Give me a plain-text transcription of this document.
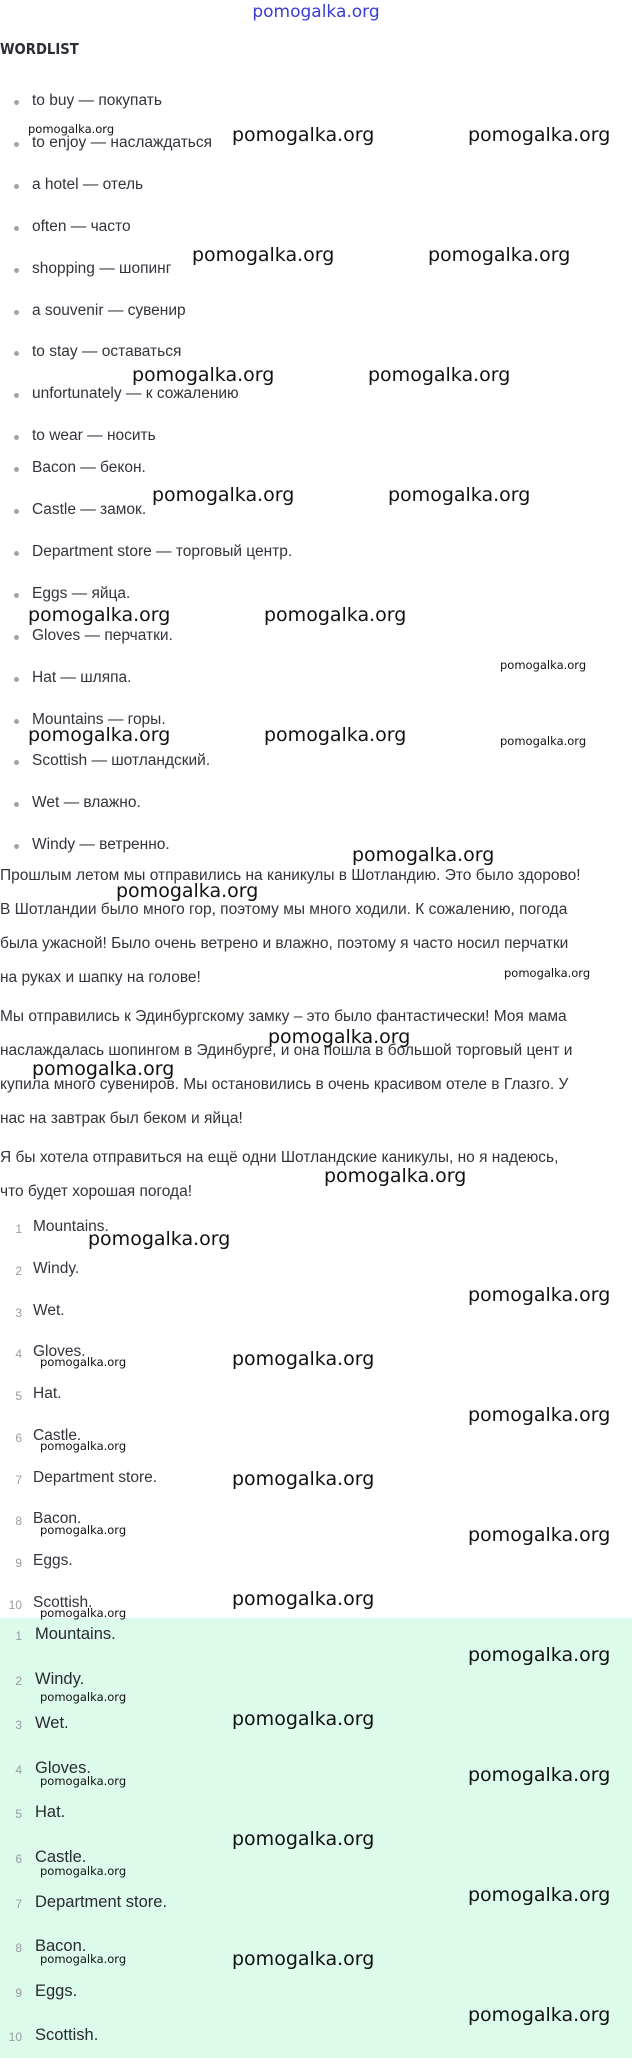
pomogalka.org
WORDLIST
to buy — покупать
to enjoy — наслаждаться
a hotel — отель
often — часто
shopping — шопинг
a souvenir — сувенир
to stay — оставаться
unfortunately — к сожалению
to wear — носить
Bacon — бекон.
Castle — замок.
Department store — торговый центр.
Eggs — яйца.
Gloves — перчатки.
Hat — шляпа.
Mountains — горы.
Scottish — шотландский.
Wet — влажно.
Windy — ветренно.
Прошлым летом мы отправились на каникулы в Шотландию. Это было здорово!
В Шотландии было много гор, поэтому мы много ходили. К сожалению, погода
была ужасной! Было очень ветрено и влажно, поэтому я часто носил перчатки
на руках и шапку на голове!
Мы отправились к Эдинбургскому замку – это было фантастически! Моя мама
наслаждалась шопингом в Эдинбурге, и она пошла в большой торговый цент и
купила много сувениров. Мы остановились в очень красивом отеле в Глазго. У
нас на завтрак был беком и яйца!
Я бы хотела отправиться на ещё одни Шотландские каникулы, но я надеюсь,
что будет хорошая погода!
1 Mountains.
2 Windy.
3 Wet.
4 Gloves.
5 Hat.
6 Castle.
7 Department store.
8 Bacon.
9 Eggs.
10 Scottish.
1 Mountains.
2 Windy.
3 Wet.
4 Gloves.
5 Hat.
6 Castle.
7 Department store.
8 Bacon.
9 Eggs.
10 Scottish.
pomogalka.org	pomogalka.org	pomogalka.org
pomogalka.org	pomogalka.org
pomogalka.org	pomogalka.org
pomogalka.org	pomogalka.org
pomogalka.org	pomogalka.org
pomogalka.org
pomogalka.org	pomogalka.org	pomogalka.org
pomogalka.org
pomogalka.org
pomogalka.org
pomogalka.org
pomogalka.org
pomogalka.org
pomogalka.org
pomogalka.org
pomogalka.org	pomogalka.org
pomogalka.org
pomogalka.org
pomogalka.org
pomogalka.org	pomogalka.org
pomogalka.org
pomogalka.org
pomogalka.org
pomogalka.org
pomogalka.org
pomogalka.org	pomogalka.org
pomogalka.org
pomogalka.org
pomogalka.org
pomogalka.org	pomogalka.org
pomogalka.org
